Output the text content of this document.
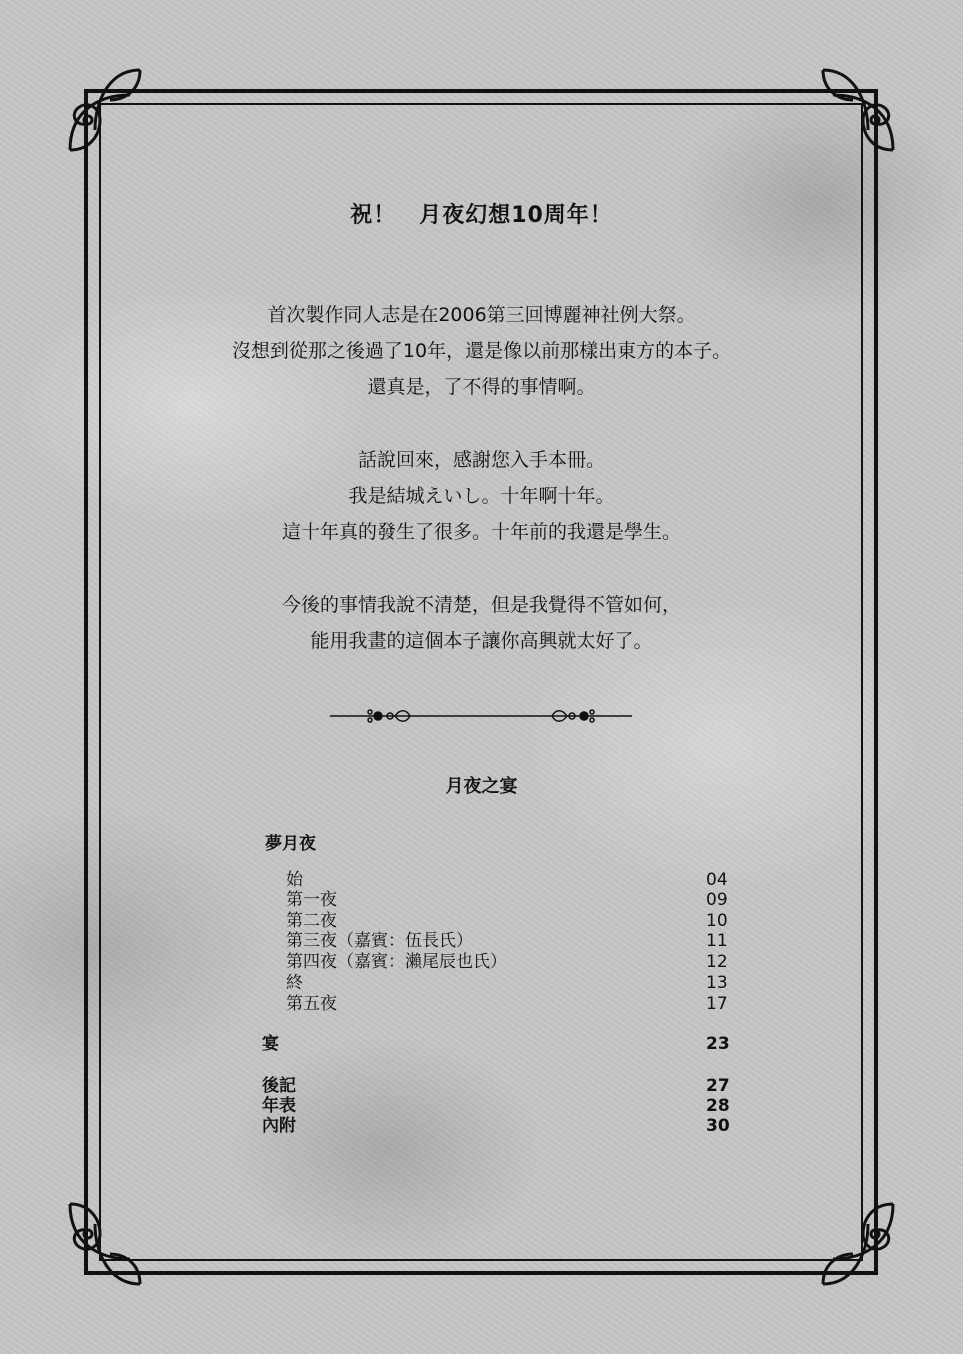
祝！　月夜幻想10周年！
首次製作同人志是在2006第三回博麗神社例大祭。
沒想到從那之後過了10年，還是像以前那樣出東方的本子。
還真是，了不得的事情啊。
話說回來，感謝您入手本冊。
我是結城えいし。十年啊十年。
這十年真的發生了很多。十年前的我還是學生。
今後的事情我說不清楚，但是我覺得不管如何，
能用我畫的這個本子讓你高興就太好了。
月夜之宴
夢月夜
始	04
第一夜	09
第二夜	10
第三夜（嘉賓：伍長氏）	11
第四夜（嘉賓：瀨尾辰也氏）	12
終	13
第五夜	17
宴	23
後記	27
年表	28
內附	30
